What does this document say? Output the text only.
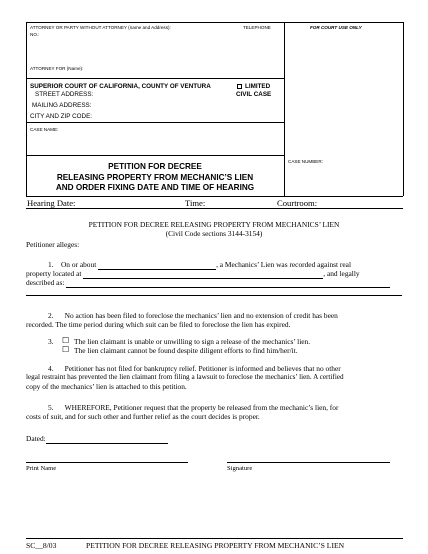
ATTORNEY OR PARTY WITHOUT ATTORNEY (name and Address):
NO.:
TELEPHONE	FOR COURT USE ONLY
ATTORNEY FOR (Name):
SUPERIOR COURT OF CALIFORNIA, COUNTY OF VENTURA
STREET ADDRESS:
LIMITED
CIVIL CASE
MAILING ADDRESS:
CITY AND ZIP CODE:
CASE NAME:
PETITION FOR DECREE
RELEASING PROPERTY FROM MECHANIC’S LIEN
AND ORDER FIXING DATE AND TIME OF HEARING
CASE NUMBER:
Hearing Date:	Time:	Courtroom:
PETITION FOR DECREE RELEASING PROPERTY FROM MECHANICS’ LIEN
(Civil Code sections 3144-3154)
Petitioner alleges:
1. On or about	, a Mechanics’ Lien was recorded against real
property located at	, and legally
described as:
2. No action has been filed to foreclose the mechanics’ lien and no extension of credit has been
recorded. The time period during which suit can be filed to foreclose the lien has expired.
3. ☐ The lien claimant is unable or unwilling to sign a release of the mechanics’ lien.
☐ The lien claimant cannot be found despite diligent efforts to find him/her/it.
4. Petitioner has not filed for bankruptcy relief. Petitioner is informed and believes that no other
legal restraint has prevented the lien claimant from filing a lawsuit to foreclose the mechanics’ lien. A certified
copy of the mechanics’ lien is attached to this petition.
5. WHEREFORE, Petitioner request that the property be released from the mechanic’s lien, for
costs of suit, and for such other and further relief as the court decides is proper.
Dated:
Print Name	Signature
SC__8/03	PETITION FOR DECREE RELEASING PROPERTY FROM MECHANIC’S LIEN
